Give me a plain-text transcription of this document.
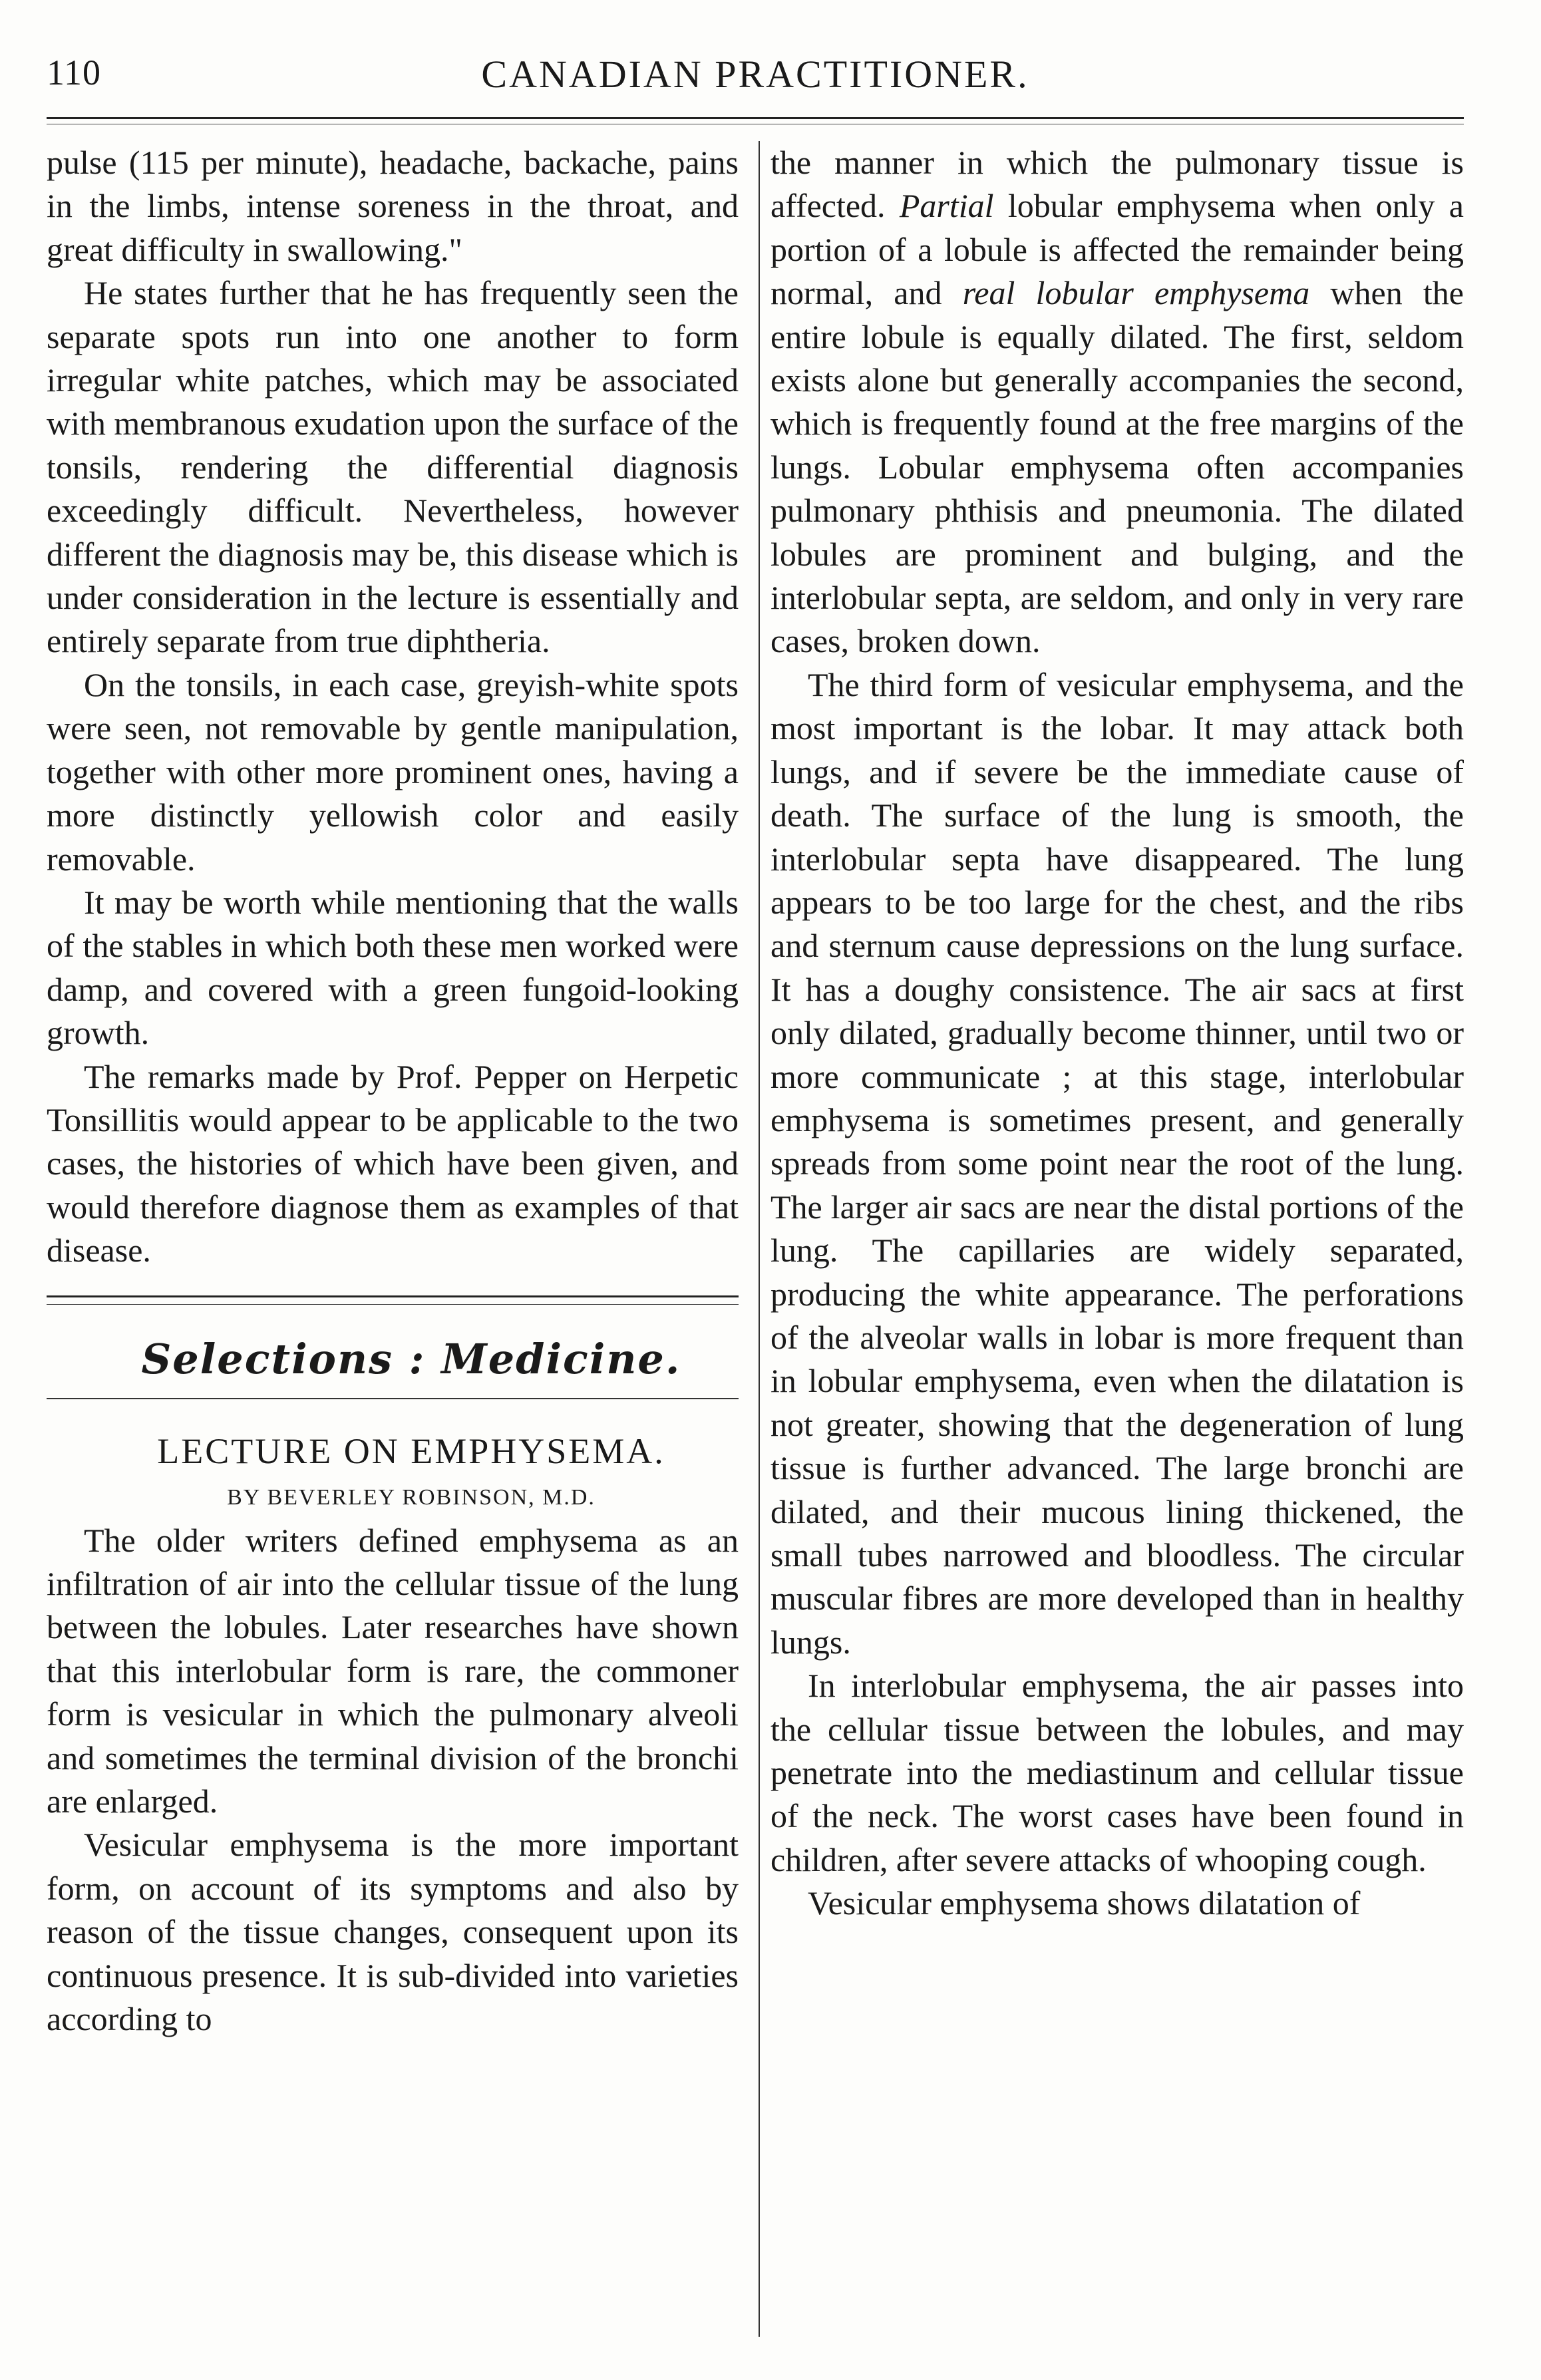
110	CANADIAN PRACTITIONER.

pulse (115 per minute), headache, backache, pains in the limbs, intense soreness in the throat, and great difficulty in swallowing."

He states further that he has frequently seen the separate spots run into one another to form irregular white patches, which may be associated with membranous exudation upon the surface of the tonsils, rendering the differential diagnosis exceedingly difficult. Nevertheless, however different the diagnosis may be, this disease which is under consideration in the lecture is essentially and entirely separate from true diphtheria.

On the tonsils, in each case, greyish-white spots were seen, not removable by gentle manipulation, together with other more prominent ones, having a more distinctly yellowish color and easily removable.

It may be worth while mentioning that the walls of the stables in which both these men worked were damp, and covered with a green fungoid-looking growth.

The remarks made by Prof. Pepper on Herpetic Tonsillitis would appear to be applicable to the two cases, the histories of which have been given, and would therefore diagnose them as examples of that disease.

Selections : Medicine.

LECTURE ON EMPHYSEMA.

BY BEVERLEY ROBINSON, M.D.

The older writers defined emphysema as an infiltration of air into the cellular tissue of the lung between the lobules. Later researches have shown that this interlobular form is rare, the commoner form is vesicular in which the pulmonary alveoli and sometimes the terminal division of the bronchi are enlarged.

Vesicular emphysema is the more important form, on account of its symptoms and also by reason of the tissue changes, consequent upon its continuous presence. It is sub-divided into varieties according to

the manner in which the pulmonary tissue is affected. Partial lobular emphysema when only a portion of a lobule is affected the remainder being normal, and real lobular emphysema when the entire lobule is equally dilated. The first, seldom exists alone but generally accompanies the second, which is frequently found at the free margins of the lungs. Lobular emphysema often accompanies pulmonary phthisis and pneumonia. The dilated lobules are prominent and bulging, and the interlobular septa, are seldom, and only in very rare cases, broken down.

The third form of vesicular emphysema, and the most important is the lobar. It may attack both lungs, and if severe be the immediate cause of death. The surface of the lung is smooth, the interlobular septa have disappeared. The lung appears to be too large for the chest, and the ribs and sternum cause depressions on the lung surface. It has a doughy consistence. The air sacs at first only dilated, gradually become thinner, until two or more communicate ; at this stage, interlobular emphysema is sometimes present, and generally spreads from some point near the root of the lung. The larger air sacs are near the distal portions of the lung. The capillaries are widely separated, producing the white appearance. The perforations of the alveolar walls in lobar is more frequent than in lobular emphysema, even when the dilatation is not greater, showing that the degeneration of lung tissue is further advanced. The large bronchi are dilated, and their mucous lining thickened, the small tubes narrowed and bloodless. The circular muscular fibres are more developed than in healthy lungs.

In interlobular emphysema, the air passes into the cellular tissue between the lobules, and may penetrate into the mediastinum and cellular tissue of the neck. The worst cases have been found in children, after severe attacks of whooping cough.

Vesicular emphysema shows dilatation of
